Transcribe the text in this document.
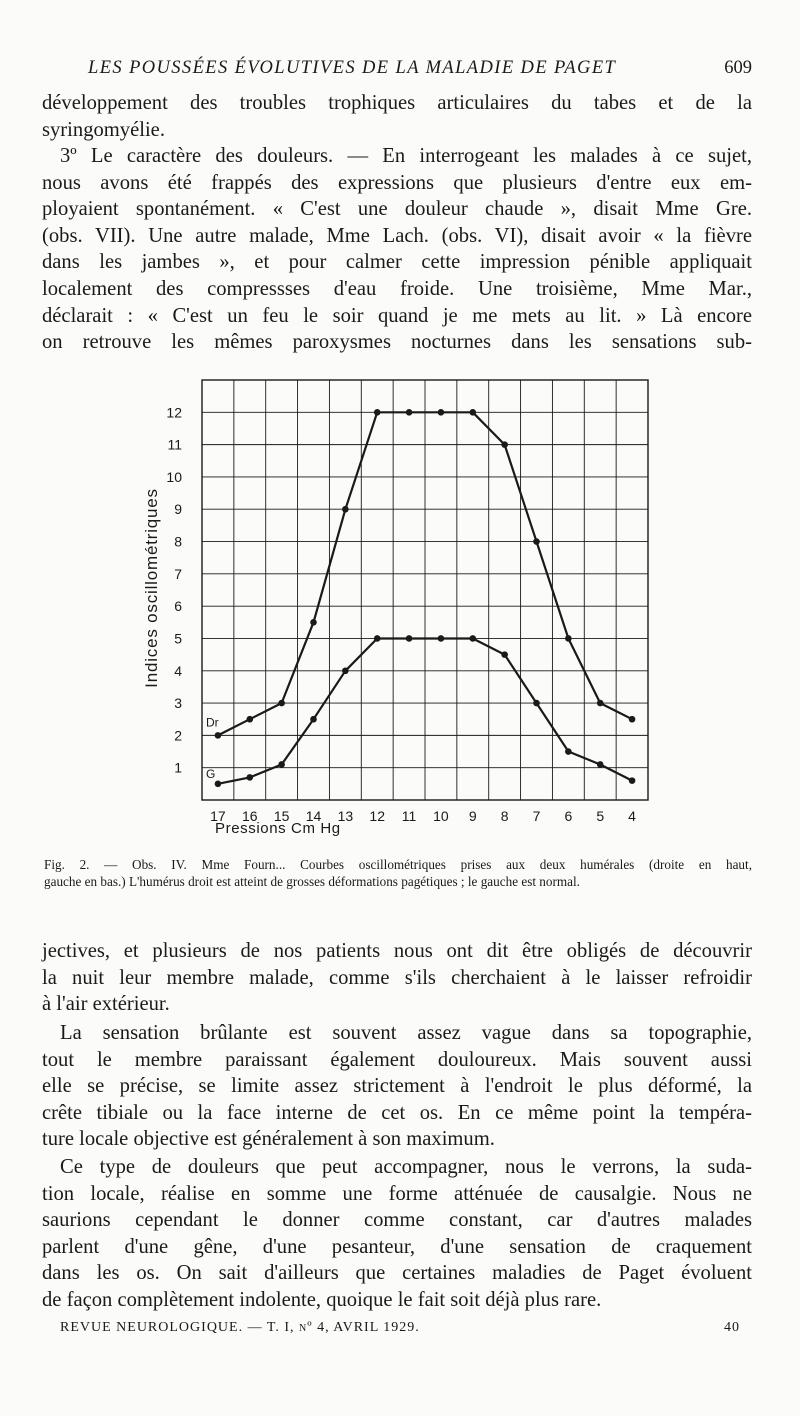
LES POUSSÉES ÉVOLUTIVES DE LA MALADIE DE PAGET	609
développement des troubles trophiques articulaires du tabes et de la
syringomyélie.
3º Le caractère des douleurs. — En interrogeant les malades à ce sujet,
nous avons été frappés des expressions que plusieurs d'entre eux em-
ployaient spontanément. « C'est une douleur chaude », disait Mme Gre.
(obs. VII). Une autre malade, Mme Lach. (obs. VI), disait avoir « la fièvre
dans les jambes », et pour calmer cette impression pénible appliquait
localement des compressses d'eau froide. Une troisième, Mme Mar.,
déclarait : « C'est un feu le soir quand je me mets au lit. » Là encore
on retrouve les mêmes paroxysmes nocturnes dans les sensations sub-
1
2
3
4
5
6
7
8
9
10
11
12
17 16 15 14 13 12 11 10 9 8 7 6 5 4
Dr
G
Pressions Cm Hg
Indices oscillométriques
Fig. 2. — Obs. IV. Mme Fourn... Courbes oscillométriques prises aux deux humérales (droite en haut,
gauche en bas.) L'humérus droit est atteint de grosses déformations pagétiques ; le gauche est normal.
jectives, et plusieurs de nos patients nous ont dit être obligés de découvrir
la nuit leur membre malade, comme s'ils cherchaient à le laisser refroidir
à l'air extérieur.
La sensation brûlante est souvent assez vague dans sa topographie,
tout le membre paraissant également douloureux. Mais souvent aussi
elle se précise, se limite assez strictement à l'endroit le plus déformé, la
crête tibiale ou la face interne de cet os. En ce même point la tempéra-
ture locale objective est généralement à son maximum.
Ce type de douleurs que peut accompagner, nous le verrons, la suda-
tion locale, réalise en somme une forme atténuée de causalgie. Nous ne
saurions cependant le donner comme constant, car d'autres malades
parlent d'une gêne, d'une pesanteur, d'une sensation de craquement
dans les os. On sait d'ailleurs que certaines maladies de Paget évoluent
de façon complètement indolente, quoique le fait soit déjà plus rare.
REVUE NEUROLOGIQUE. — T. I, nº 4, AVRIL 1929.	40
